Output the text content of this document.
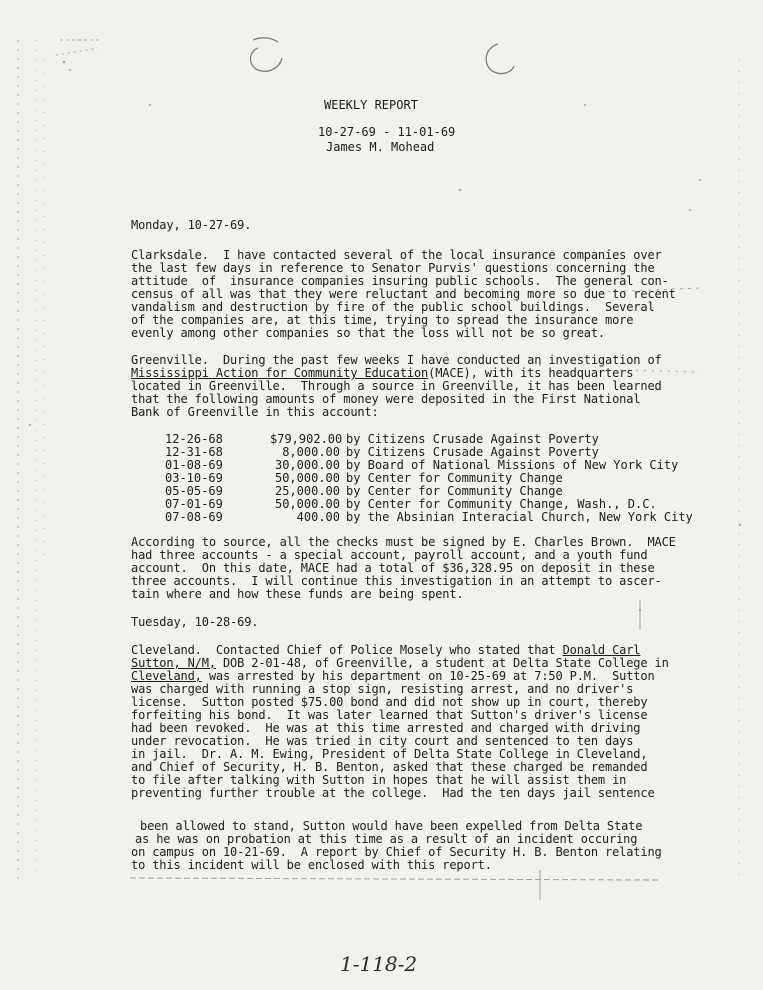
WEEKLY REPORT
10-27-69 - 11-01-69
James M. Mohead
Monday, 10-27-69.
Clarksdale.  I have contacted several of the local insurance companies over
the last few days in reference to Senator Purvis' questions concerning the
attitude  of  insurance companies insuring public schools.  The general con-
census of all was that they were reluctant and becoming more so due to recent
vandalism and destruction by fire of the public school buildings.  Several
of the companies are, at this time, trying to spread the insurance more
evenly among other companies so that the loss will not be so great.
Greenville.  During the past few weeks I have conducted an investigation of
Mississippi Action for Community Education(MACE), with its headquarters
located in Greenville.  Through a source in Greenville, it has been learned
that the following amounts of money were deposited in the First National
Bank of Greenville in this account:
12-26-68	$79,902.00 by Citizens Crusade Against Poverty
12-31-68	8,000.00 by Citizens Crusade Against Poverty
01-08-69	30,000.00 by Board of National Missions of New York City
03-10-69	50,000.00 by Center for Community Change
05-05-69	25,000.00 by Center for Community Change
07-01-69	50,000.00 by Center for Community Change, Wash., D.C.
07-08-69	400.00 by the Absinian Interacial Church, New York City
According to source, all the checks must be signed by E. Charles Brown.  MACE
had three accounts - a special account, payroll account, and a youth fund
account.  On this date, MACE had a total of $36,328.95 on deposit in these
three accounts.  I will continue this investigation in an attempt to ascer-
tain where and how these funds are being spent.
Tuesday, 10-28-69.
Cleveland.  Contacted Chief of Police Mosely who stated that Donald Carl
Sutton, N/M, DOB 2-01-48, of Greenville, a student at Delta State College in
Cleveland, was arrested by his department on 10-25-69 at 7:50 P.M.  Sutton
was charged with running a stop sign, resisting arrest, and no driver's
license.  Sutton posted $75.00 bond and did not show up in court, thereby
forfeiting his bond.  It was later learned that Sutton's driver's license
had been revoked.  He was at this time arrested and charged with driving
under revocation.  He was tried in city court and sentenced to ten days
in jail.  Dr. A. M. Ewing, President of Delta State College in Cleveland,
and Chief of Security, H. B. Benton, asked that these charged be remanded
to file after talking with Sutton in hopes that he will assist them in
preventing further trouble at the college.  Had the ten days jail sentence
been allowed to stand, Sutton would have been expelled from Delta State
as he was on probation at this time as a result of an incident occuring
on campus on 10-21-69.  A report by Chief of Security H. B. Benton relating
to this incident will be enclosed with this report.
1-118-2
